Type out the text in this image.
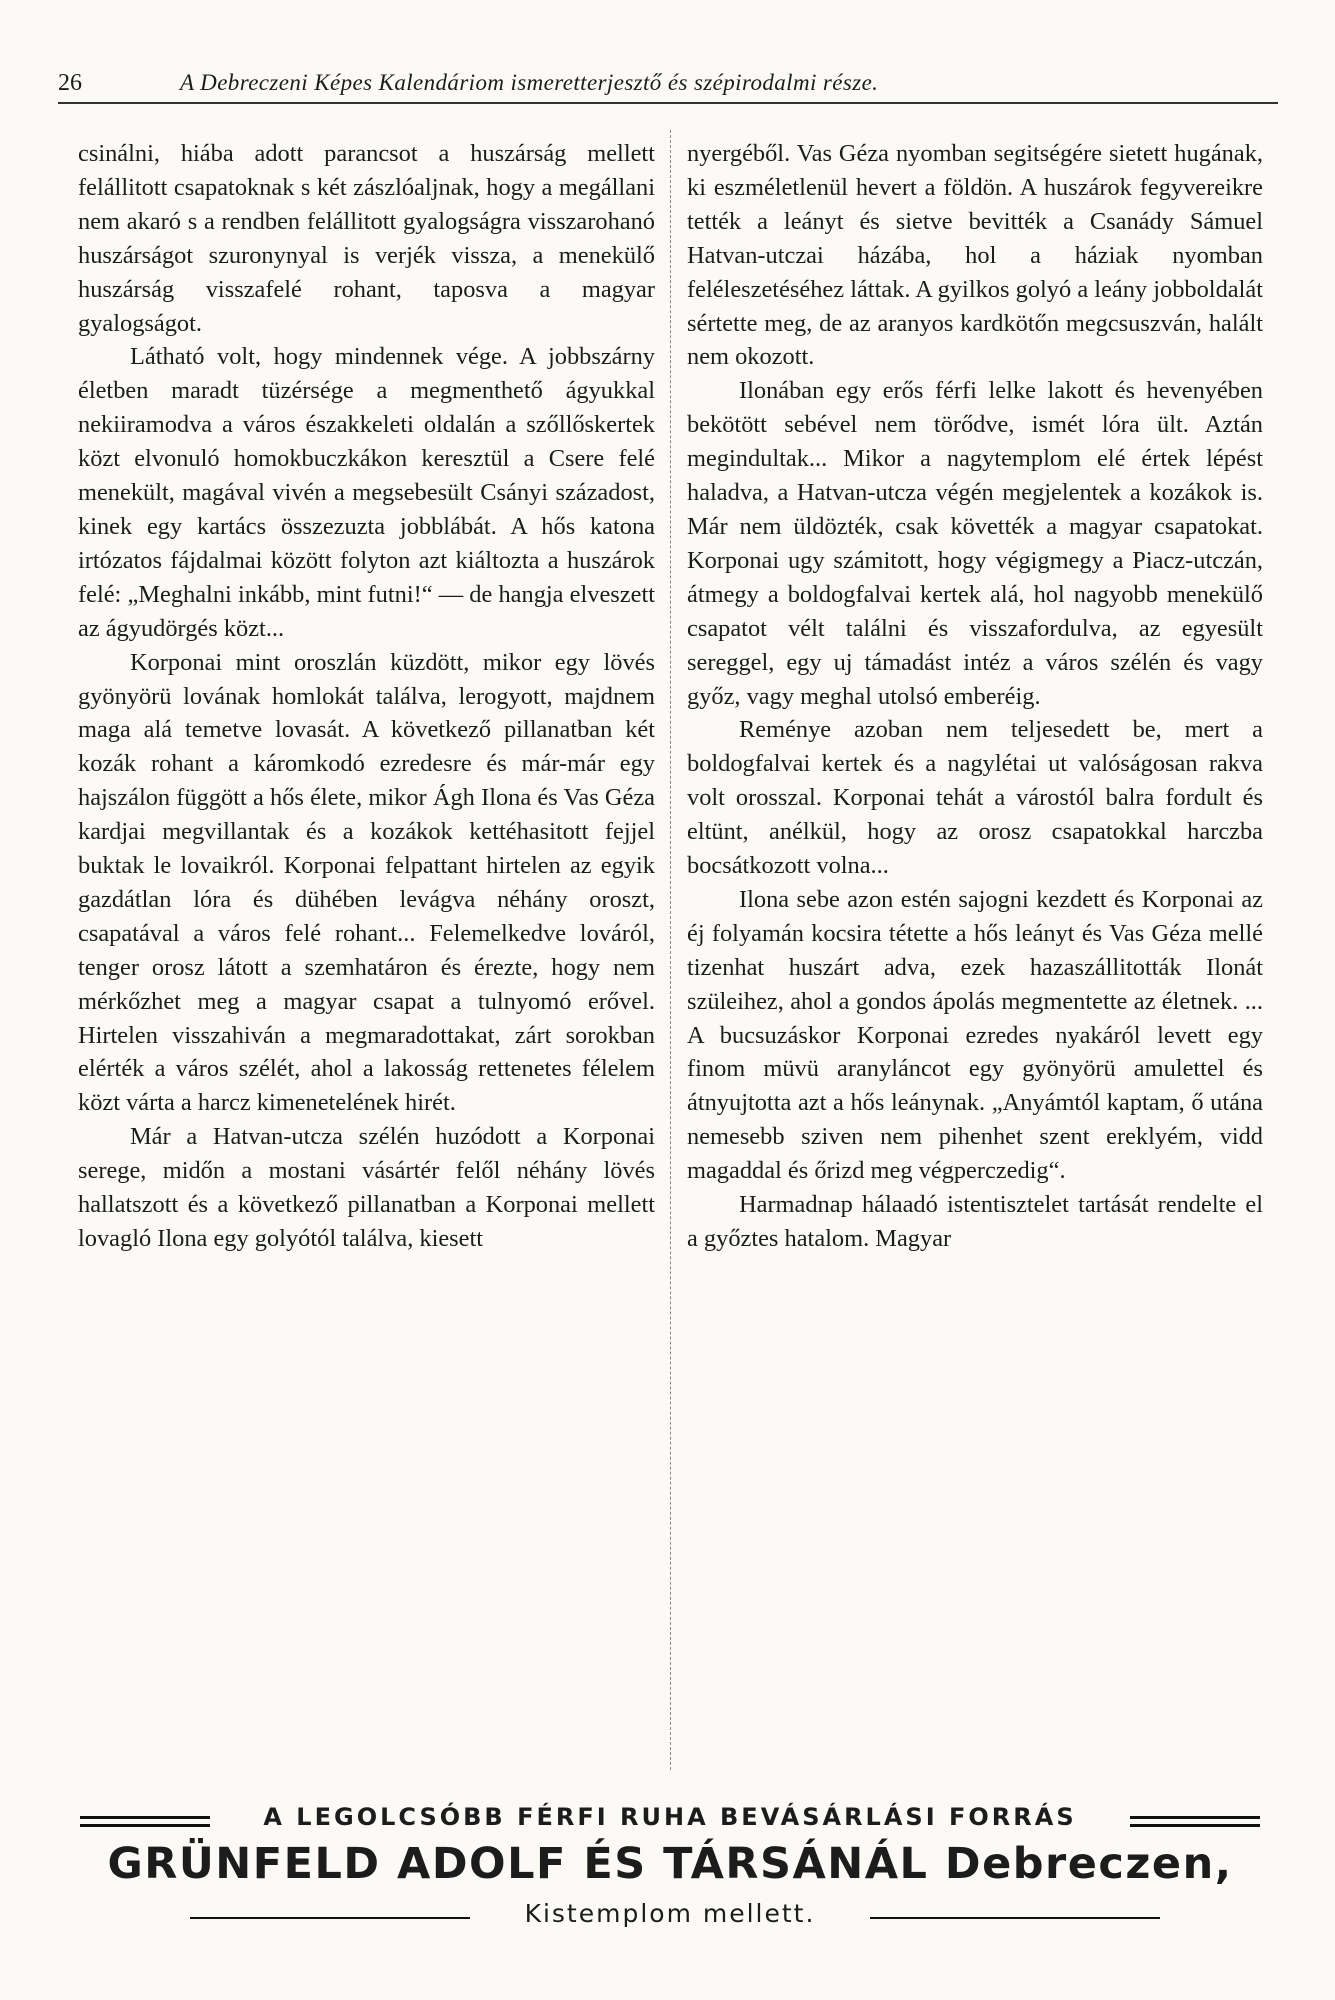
26	A Debreczeni Képes Kalendáriom ismeretterjesztő és szépirodalmi része.

csinálni, hiába adott parancsot a huszárság mellett felállitott csapatoknak s két zászlóaljnak, hogy a megállani nem akaró s a rendben felállitott gyalogságra visszarohanó huszárságot szuronynyal is verjék vissza, a menekülő huszárság visszafelé rohant, taposva a magyar gyalogságot.

Látható volt, hogy mindennek vége. A jobbszárny életben maradt tüzérsége a megmenthető ágyukkal nekiiramodva a város északkeleti oldalán a szőllőskertek közt elvonuló homokbuczkákon keresztül a Csere felé menekült, magával vivén a megsebesült Csányi századost, kinek egy kartács összezuzta jobblábát. A hős katona irtózatos fájdalmai között folyton azt kiáltozta a huszárok felé: „Meghalni inkább, mint futni!“ — de hangja elveszett az ágyudörgés közt...

Korponai mint oroszlán küzdött, mikor egy lövés gyönyörü lovának homlokát találva, lerogyott, majdnem maga alá temetve lovasát. A következő pillanatban két kozák rohant a káromkodó ezredesre és már-már egy hajszálon függött a hős élete, mikor Ágh Ilona és Vas Géza kardjai megvillantak és a kozákok kettéhasitott fejjel buktak le lovaikról. Korponai felpattant hirtelen az egyik gazdátlan lóra és dühében levágva néhány oroszt, csapatával a város felé rohant... Felemelkedve lováról, tenger orosz látott a szemhatáron és érezte, hogy nem mérkőzhet meg a magyar csapat a tulnyomó erővel. Hirtelen visszahiván a megmaradottakat, zárt sorokban elérték a város szélét, ahol a lakosság rettenetes félelem közt várta a harcz kimenetelének hirét.

Már a Hatvan-utcza szélén huzódott a Korponai serege, midőn a mostani vásártér felől néhány lövés hallatszott és a következő pillanatban a Korponai mellett lovagló Ilona egy golyótól találva, kiesett

nyergéből. Vas Géza nyomban segitségére sietett hugának, ki eszméletlenül hevert a földön. A huszárok fegyvereikre tették a leányt és sietve bevitték a Csanády Sámuel Hatvan-utczai házába, hol a háziak nyomban feléleszetéséhez láttak. A gyilkos golyó a leány jobboldalát sértette meg, de az aranyos kardkötőn megcsuszván, halált nem okozott.

Ilonában egy erős férfi lelke lakott és hevenyében bekötött sebével nem törődve, ismét lóra ült. Aztán megindultak... Mikor a nagytemplom elé értek lépést haladva, a Hatvan-utcza végén megjelentek a kozákok is. Már nem üldözték, csak követték a magyar csapatokat. Korponai ugy számitott, hogy végigmegy a Piacz-utczán, átmegy a boldogfalvai kertek alá, hol nagyobb menekülő csapatot vélt találni és visszafordulva, az egyesült sereggel, egy uj támadást intéz a város szélén és vagy győz, vagy meghal utolsó emberéig.

Reménye azoban nem teljesedett be, mert a boldogfalvai kertek és a nagylétai ut valóságosan rakva volt orosszal. Korponai tehát a várostól balra fordult és eltünt, anélkül, hogy az orosz csapatokkal harczba bocsátkozott volna...

Ilona sebe azon estén sajogni kezdett és Korponai az éj folyamán kocsira tétette a hős leányt és Vas Géza mellé tizenhat huszárt adva, ezek hazaszállitották Ilonát szüleihez, ahol a gondos ápolás megmentette az életnek. ... A bucsuzáskor Korponai ezredes nyakáról levett egy finom müvü aranyláncot egy gyönyörü amulettel és átnyujtotta azt a hős leánynak. „Anyámtól kaptam, ő utána nemesebb sziven nem pihenhet szent ereklyém, vidd magaddal és őrizd meg végperczedig“.

Harmadnap hálaadó istentisztelet tartását rendelte el a győztes hatalom. Magyar

A LEGOLCSÓBB FÉRFI RUHA BEVÁSÁRLÁSI FORRÁS
GRÜNFELD ADOLF ÉS TÁRSÁNÁL Debreczen,
Kistemplom mellett.
